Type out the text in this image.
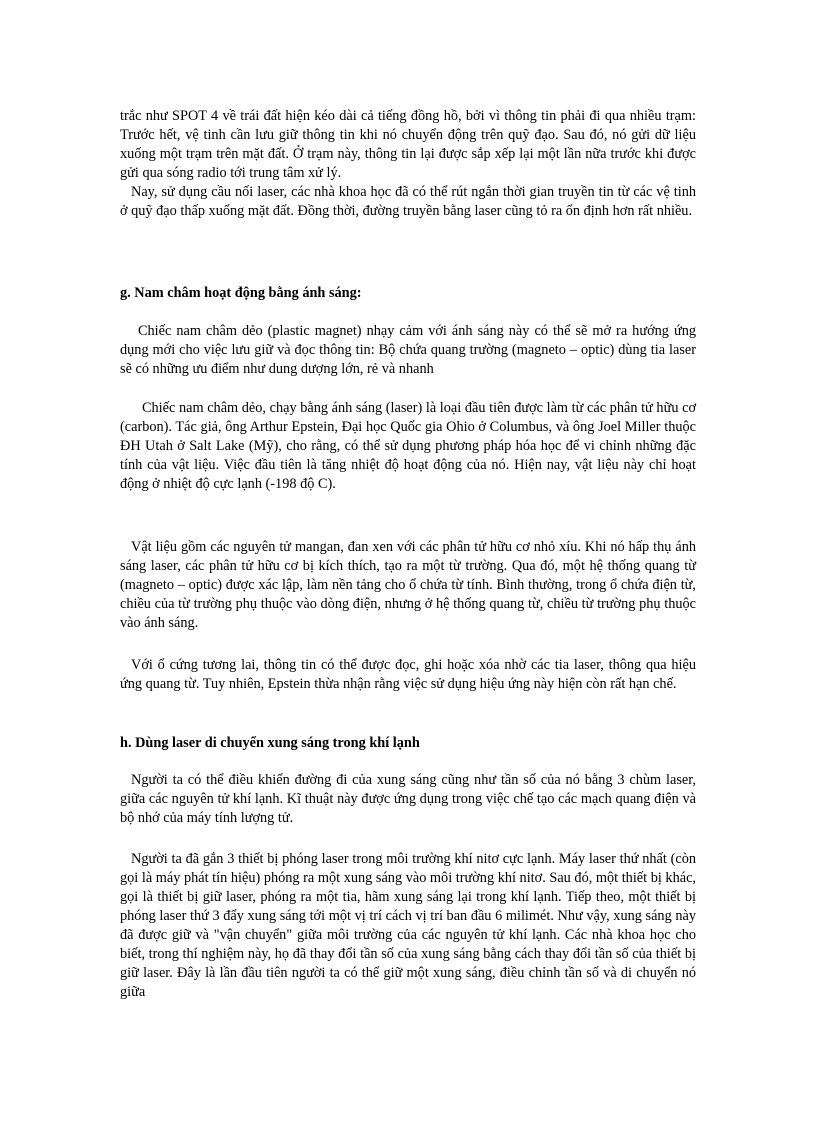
trắc như SPOT 4 về trái đất hiện kéo dài cả tiếng đồng hồ, bởi vì thông tin phải đi qua nhiều trạm: Trước hết, vệ tinh cần lưu giữ thông tin khi nó chuyển động trên quỹ đạo. Sau đó, nó gửi dữ liệu xuống một trạm trên mặt đất. Ở trạm này, thông tin lại được sắp xếp lại một lần nữa trước khi được gửi qua sóng radio tới trung tâm xử lý.

Nay, sử dụng cầu nối laser, các nhà khoa học đã có thể rút ngắn thời gian truyền tin từ các vệ tinh ở quỹ đạo thấp xuống mặt đất. Đồng thời, đường truyền bằng laser cũng tỏ ra ổn định hơn rất nhiều.

g. Nam châm hoạt động bằng ánh sáng:

Chiếc nam châm dẻo (plastic magnet) nhạy cảm với ánh sáng này có thể sẽ mở ra hướng ứng dụng mới cho việc lưu giữ và đọc thông tin: Bộ chứa quang trường (magneto – optic) dùng tia laser sẽ có những ưu điểm như dung dượng lớn, rẻ và nhanh

Chiếc nam châm dẻo, chạy bằng ánh sáng (laser) là loại đầu tiên được làm từ các phân tử hữu cơ (carbon). Tác giả, ông Arthur Epstein, Đại học Quốc gia Ohio ở Columbus, và ông Joel Miller thuộc ĐH Utah ở Salt Lake (Mỹ), cho rằng, có thể sử dụng phương pháp hóa học để vi chỉnh những đặc tính của vật liệu. Việc đầu tiên là tăng nhiệt độ hoạt động của nó. Hiện nay, vật liệu này chỉ hoạt động ở nhiệt độ cực lạnh (-198 độ C).

Vật liệu gồm các nguyên tử mangan, đan xen với các phân tử hữu cơ nhỏ xíu. Khi nó hấp thụ ánh sáng laser, các phân tử hữu cơ bị kích thích, tạo ra một từ trường. Qua đó, một hệ thống quang từ (magneto – optic) được xác lập, làm nền tảng cho ổ chứa từ tính. Bình thường, trong ổ chứa điện từ, chiều của từ trường phụ thuộc vào dòng điện, nhưng ở hệ thống quang từ, chiều từ trường phụ thuộc vào ánh sáng.

Với ổ cứng tương lai, thông tin có thể được đọc, ghi hoặc xóa nhờ các tia laser, thông qua hiệu ứng quang từ. Tuy nhiên, Epstein thừa nhận rằng việc sử dụng hiệu ứng này hiện còn rất hạn chế.

h. Dùng laser di chuyển xung sáng trong khí lạnh

Người ta có thể điều khiển đường đi của xung sáng cũng như tần số của nó bằng 3 chùm laser, giữa các nguyên tử khí lạnh. Kĩ thuật này được ứng dụng trong việc chế tạo các mạch quang điện và bộ nhớ của máy tính lượng tử.

Người ta đã gắn 3 thiết bị phóng laser trong môi trường khí nitơ cực lạnh. Máy laser thứ nhất (còn gọi là máy phát tín hiệu) phóng ra một xung sáng vào môi trường khí nitơ. Sau đó, một thiết bị khác, gọi là thiết bị giữ laser, phóng ra một tia, hãm xung sáng lại trong khí lạnh. Tiếp theo, một thiết bị phóng laser thứ 3 đẩy xung sáng tới một vị trí cách vị trí ban đầu 6 milimét. Như vậy, xung sáng này đã được giữ và "vận chuyển" giữa môi trường của các nguyên tử khí lạnh. Các nhà khoa học cho biết, trong thí nghiệm này, họ đã thay đổi tần số của xung sáng bằng cách thay đổi tần số của thiết bị giữ laser. Đây là lần đầu tiên người ta có thể giữ một xung sáng, điều chỉnh tần số và di chuyển nó giữa
